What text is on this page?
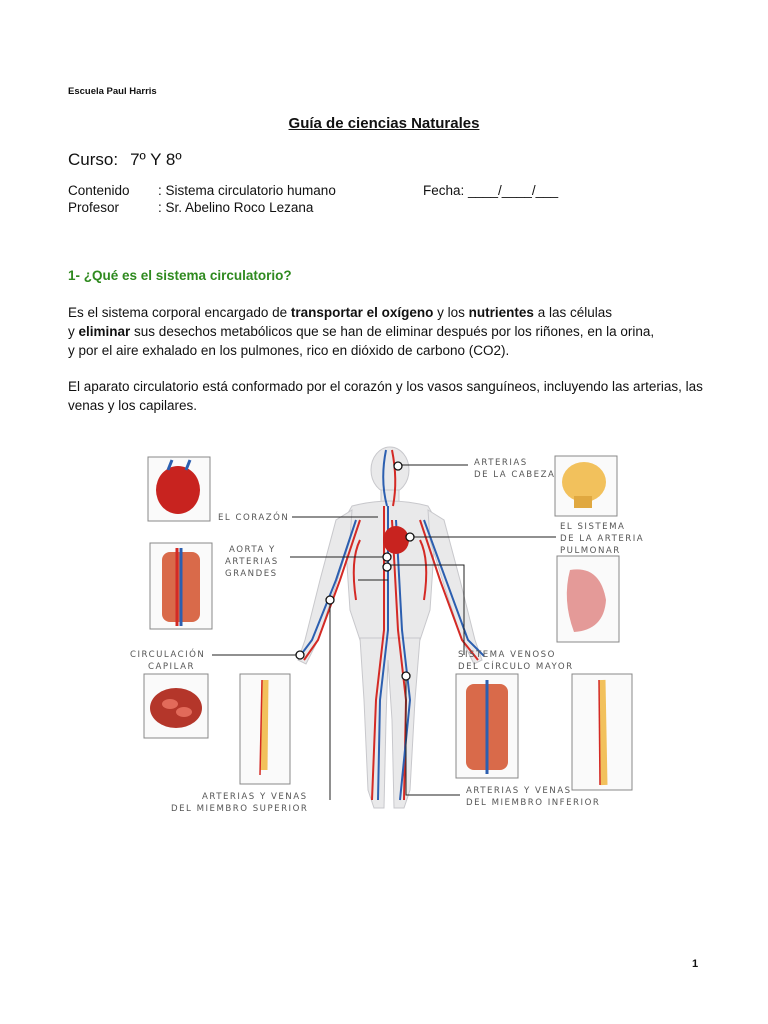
Escuela Paul Harris
Guía de ciencias Naturales
Curso: 7º Y 8º
Contenido : Sistema circulatorio humano	Fecha: ____/____/___
Profesor	: Sr. Abelino Roco Lezana
1- ¿Qué es el sistema circulatorio?
Es el sistema corporal encargado de transportar el oxígeno y los nutrientes a las células
y eliminar sus desechos metabólicos que se han de eliminar después por los riñones, en la orina,
y por el aire exhalado en los pulmones, rico en dióxido de carbono (CO2).
El aparato circulatorio está conformado por el corazón y los vasos sanguíneos, incluyendo las arterias, las venas y los capilares.
ARTERIAS
DE LA CABEZA
EL CORAZÓN
EL SISTEMA
DE LA ARTERIA
PULMONAR
AORTA Y
ARTERIAS
GRANDES
CIRCULACIÓN
CAPILAR
SISTEMA VENOSO
DEL CÍRCULO MAYOR
ARTERIAS Y VENAS
DEL MIEMBRO SUPERIOR
ARTERIAS Y VENAS
DEL MIEMBRO INFERIOR
1
